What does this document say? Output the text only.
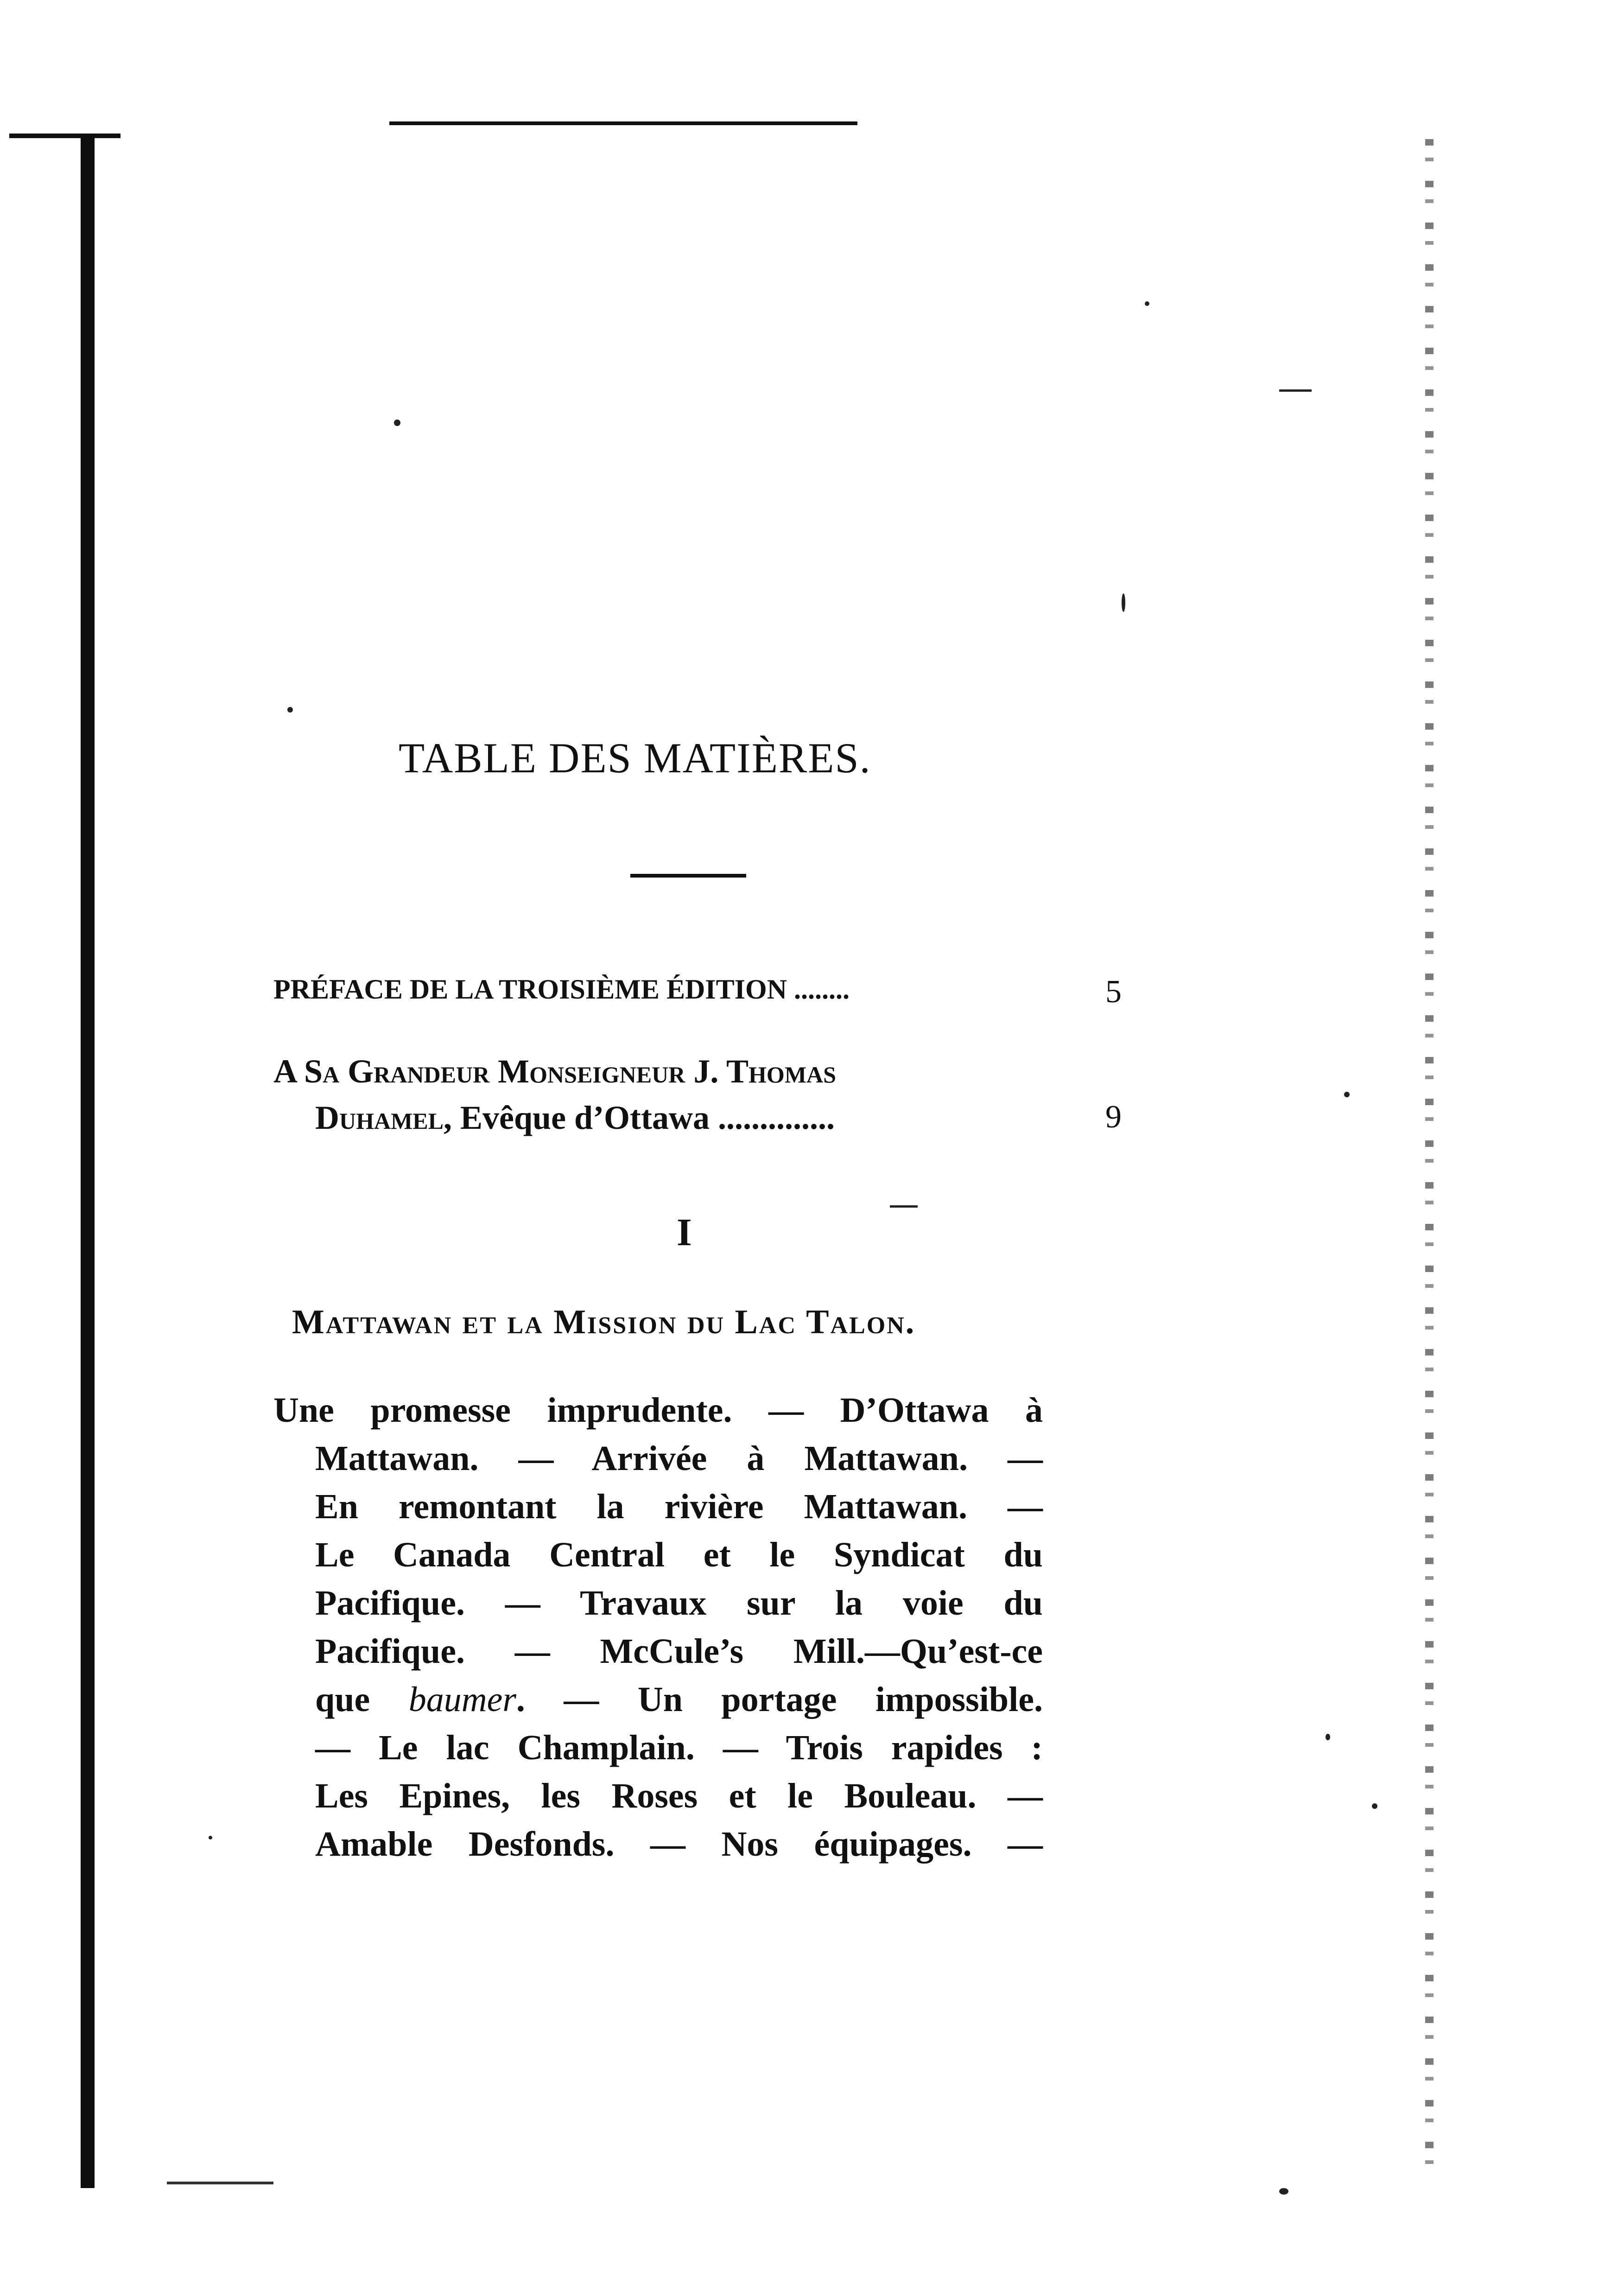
TABLE DES MATIÈRES.
PRÉFACE DE LA TROISIÈME ÉDITION ........	5
A Sa Grandeur Monseigneur J. Thomas
Duhamel, Evêque d’Ottawa ..............	9
I
Mattawan et la Mission du Lac Talon.
Une promesse imprudente. — D’Ottawa à
Mattawan. — Arrivée à Mattawan. —
En remontant la rivière Mattawan. —
Le Canada Central et le Syndicat du
Pacifique. — Travaux sur la voie du
Pacifique. — McCule’s Mill.—Qu’est-ce
que baumer. — Un portage impossible.
— Le lac Champlain. — Trois rapides :
Les Epines, les Roses et le Bouleau. —
Amable Desfonds. — Nos équipages. —
